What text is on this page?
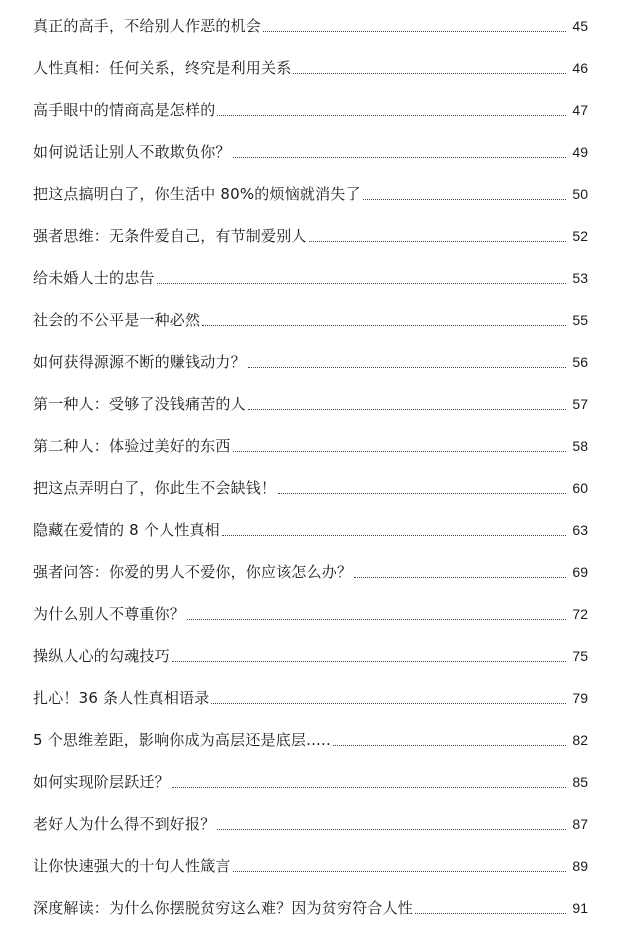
真正的高手，不给别人作恶的机会	45
人性真相：任何关系，终究是利用关系	46
高手眼中的情商高是怎样的	47
如何说话让别人不敢欺负你？	49
把这点搞明白了，你生活中 80%的烦恼就消失了	50
强者思维：无条件爱自己，有节制爱别人	52
给未婚人士的忠告	53
社会的不公平是一种必然	55
如何获得源源不断的赚钱动力？	56
第一种人：受够了没钱痛苦的人	57
第二种人：体验过美好的东西	58
把这点弄明白了，你此生不会缺钱！	60
隐藏在爱情的 8 个人性真相	63
强者问答：你爱的男人不爱你，你应该怎么办？	69
为什么别人不尊重你？	72
操纵人心的勾魂技巧	75
扎心！36 条人性真相语录	79
5 个思维差距，影响你成为高层还是底层.....	82
如何实现阶层跃迁？	85
老好人为什么得不到好报？	87
让你快速强大的十句人性箴言	89
深度解读：为什么你摆脱贫穷这么难？因为贫穷符合人性	91
